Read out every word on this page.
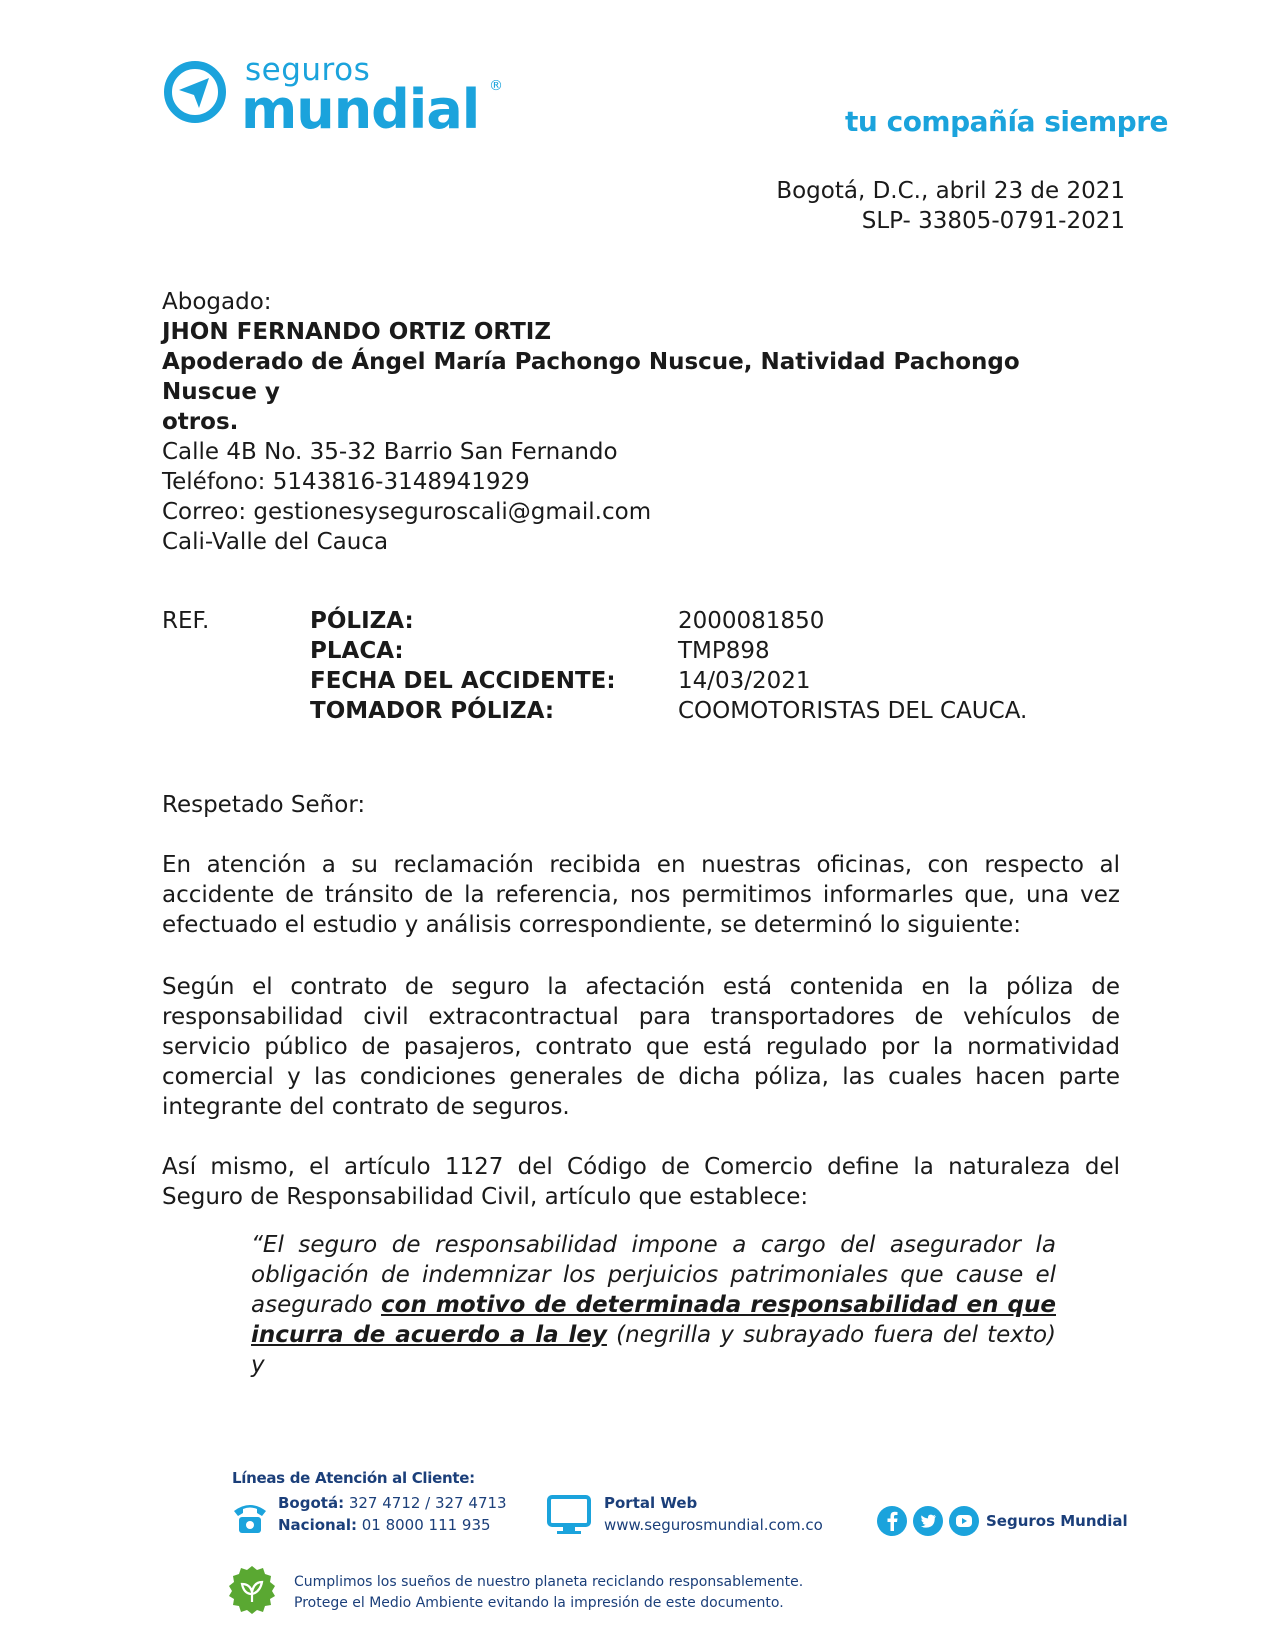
seguros
mundial ®
tu compañía siempre
Bogotá, D.C., abril 23 de 2021
SLP- 33805-0791-2021
Abogado:
JHON FERNANDO ORTIZ ORTIZ
Apoderado de Ángel María Pachongo Nuscue, Natividad Pachongo Nuscue y
otros.
Calle 4B No. 35-32 Barrio San Fernando
Teléfono: 5143816-3148941929
Correo: gestionesyseguroscali@gmail.com
Cali-Valle del Cauca
REF.	PÓLIZA:	2000081850
PLACA:	TMP898
FECHA DEL ACCIDENTE:	14/03/2021
TOMADOR PÓLIZA:	COOMOTORISTAS DEL CAUCA.
Respetado Señor:
En atención a su reclamación recibida en nuestras oficinas, con respecto al accidente de tránsito de la referencia, nos permitimos informarles que, una vez efectuado el estudio y análisis correspondiente, se determinó lo siguiente:
Según el contrato de seguro la afectación está contenida en la póliza de responsabilidad civil extracontractual para transportadores de vehículos de servicio público de pasajeros, contrato que está regulado por la normatividad comercial y las condiciones generales de dicha póliza, las cuales hacen parte integrante del contrato de seguros.
Así mismo, el artículo 1127 del Código de Comercio define la naturaleza del Seguro de Responsabilidad Civil, artículo que establece:
“El seguro de responsabilidad impone a cargo del asegurador la obligación de indemnizar los perjuicios patrimoniales que cause el asegurado con motivo de determinada responsabilidad en que incurra de acuerdo a la ley (negrilla y subrayado fuera del texto) y
Líneas de Atención al Cliente:
Bogotá: 327 4712 / 327 4713
Nacional: 01 8000 111 935
Portal Web
www.segurosmundial.com.co	Seguros Mundial
Cumplimos los sueños de nuestro planeta reciclando responsablemente.
Protege el Medio Ambiente evitando la impresión de este documento.
